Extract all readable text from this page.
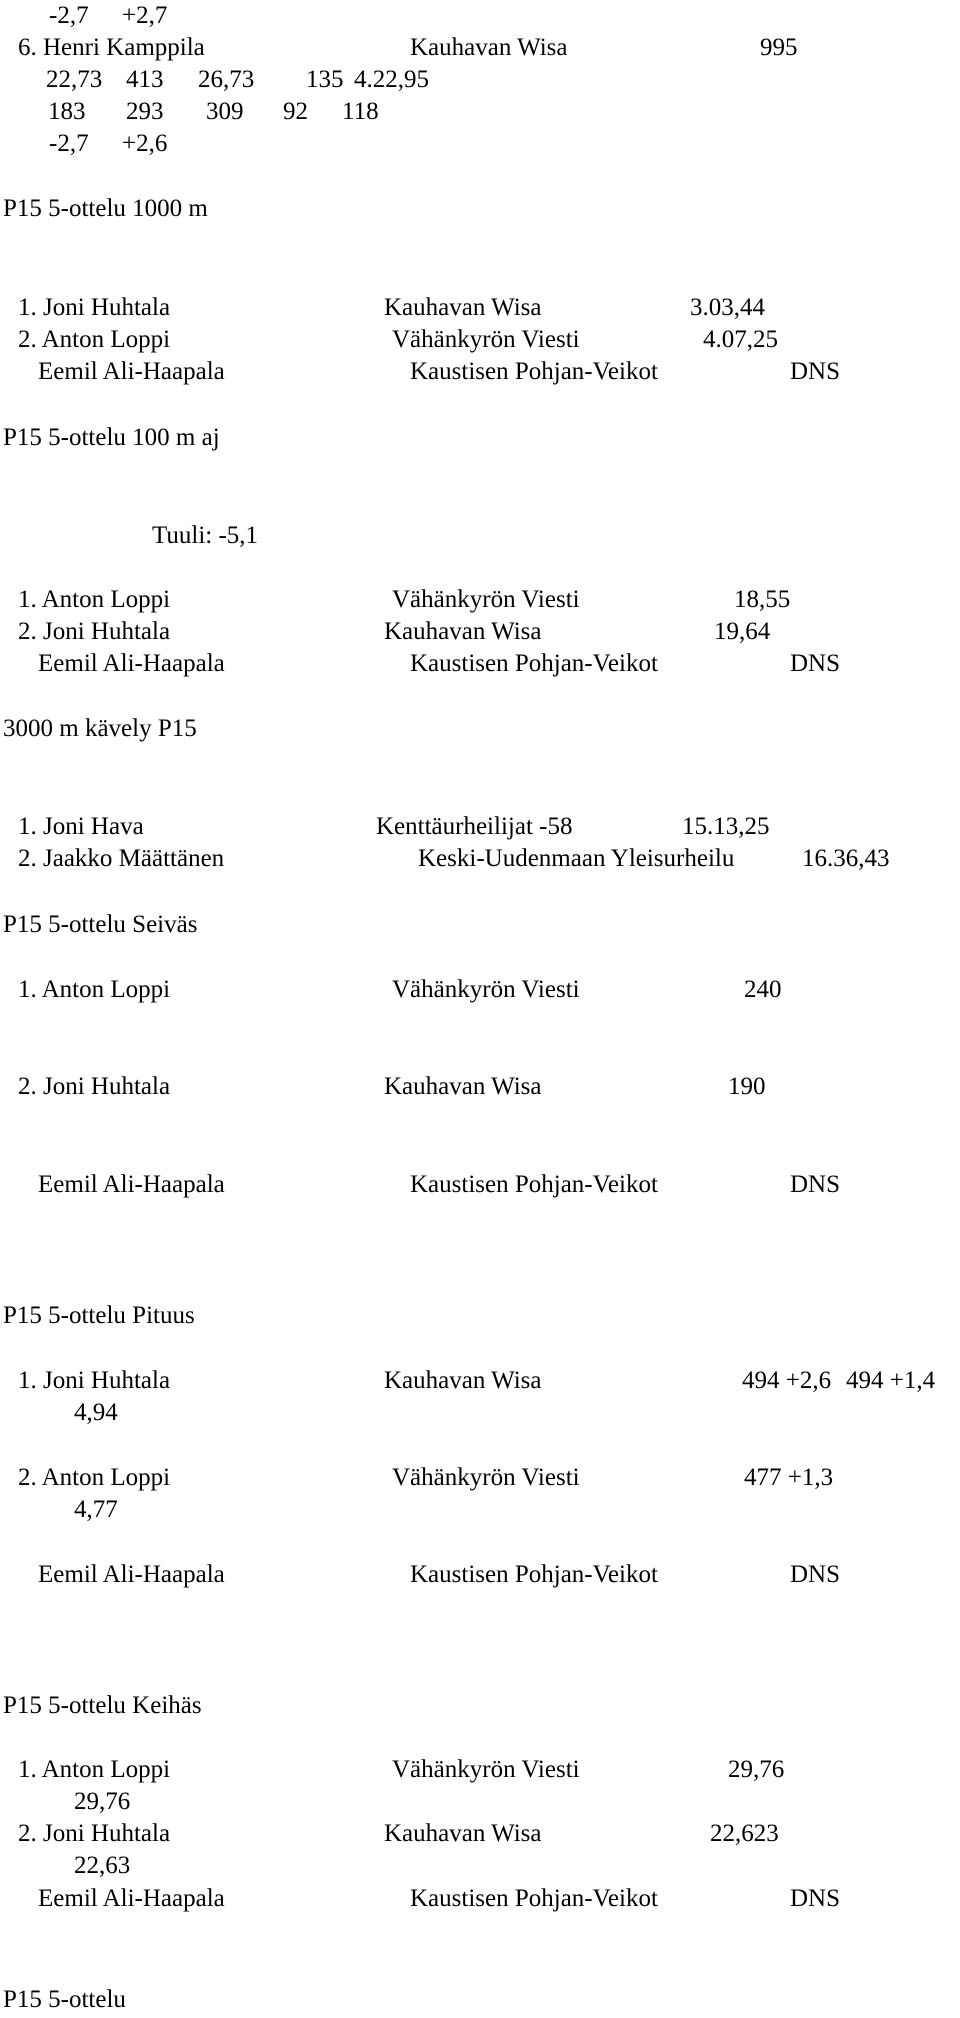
-2,7 +2,7
6. Henri Kamppila	Kauhavan Wisa	995
22,73 413 26,73 135 4.22,95
183 293 309 92 118
-2,7 +2,6
P15 5-ottelu 1000 m
1. Joni Huhtala	Kauhavan Wisa	3.03,44
2. Anton Loppi	Vähänkyrön Viesti	4.07,25
Eemil Ali-Haapala	Kaustisen Pohjan-Veikot	DNS
P15 5-ottelu 100 m aj
Tuuli: -5,1
1. Anton Loppi	Vähänkyrön Viesti	18,55
2. Joni Huhtala	Kauhavan Wisa	19,64
Eemil Ali-Haapala	Kaustisen Pohjan-Veikot	DNS
3000 m kävely P15
1. Joni Hava	Kenttäurheilijat -58	15.13,25
2. Jaakko Määttänen	Keski-Uudenmaan Yleisurheilu	16.36,43
P15 5-ottelu Seiväs
1. Anton Loppi	Vähänkyrön Viesti	240
2. Joni Huhtala	Kauhavan Wisa	190
Eemil Ali-Haapala	Kaustisen Pohjan-Veikot	DNS
P15 5-ottelu Pituus
1. Joni Huhtala	Kauhavan Wisa	494 +2,6 494 +1,4
4,94
2. Anton Loppi	Vähänkyrön Viesti	477 +1,3
4,77
Eemil Ali-Haapala	Kaustisen Pohjan-Veikot	DNS
P15 5-ottelu Keihäs
1. Anton Loppi	Vähänkyrön Viesti	29,76
29,76
2. Joni Huhtala	Kauhavan Wisa	22,623
22,63
Eemil Ali-Haapala	Kaustisen Pohjan-Veikot	DNS
P15 5-ottelu
